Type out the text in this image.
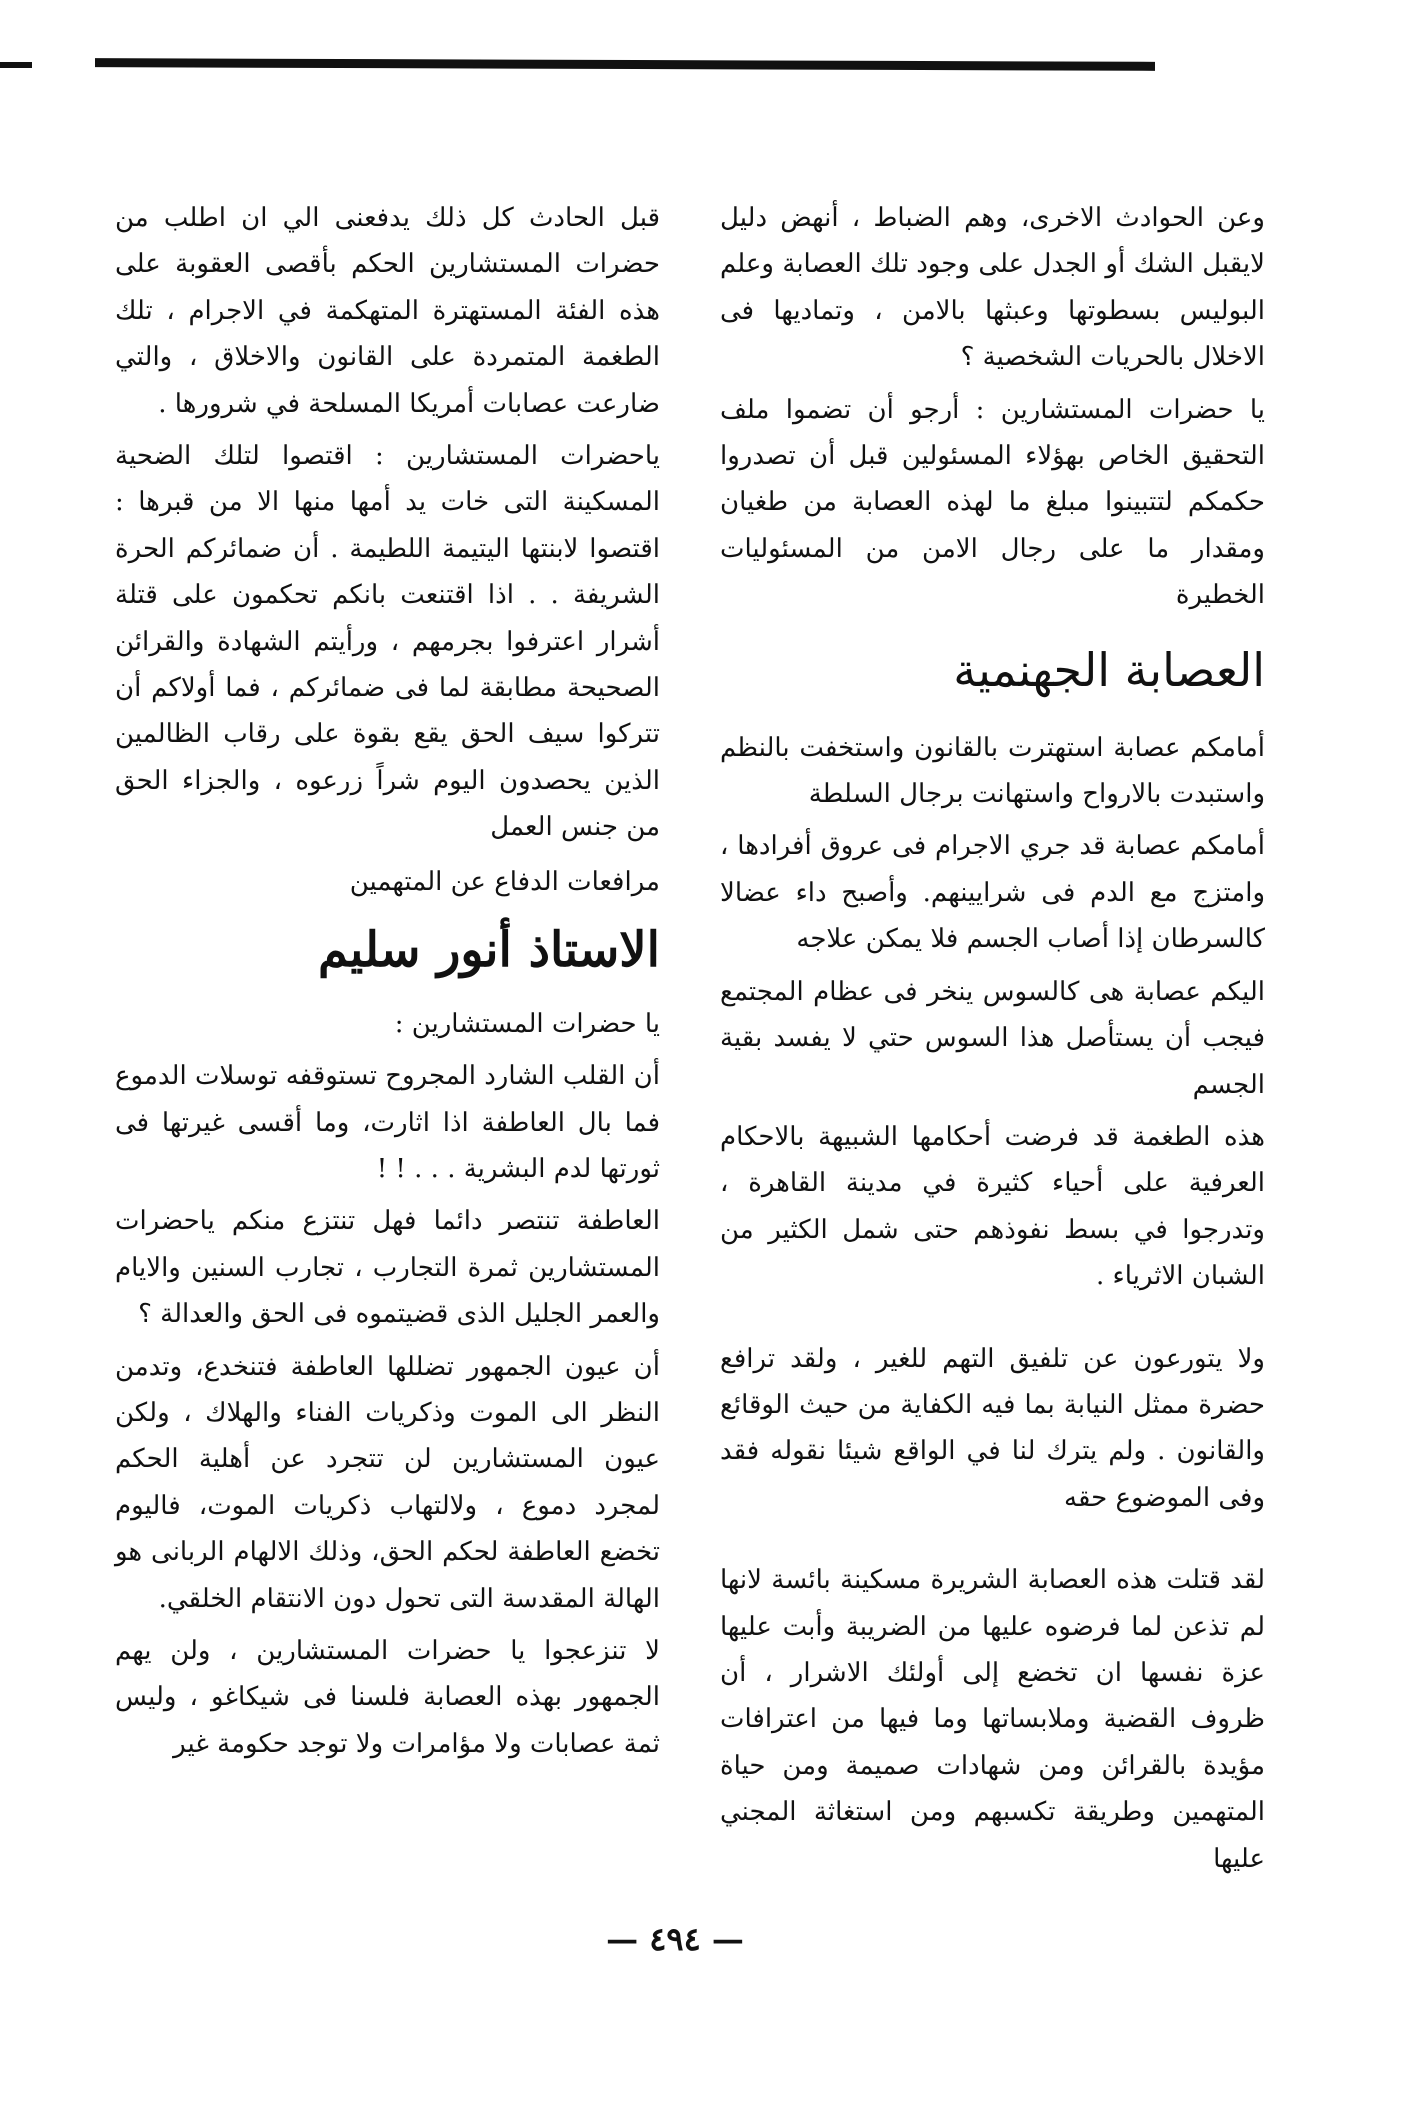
وعن الحوادث الاخرى، وهم الضباط ، أنهض دليل لايقبل الشك أو الجدل على وجود تلك العصابة وعلم البوليس بسطوتها وعبثها بالامن ، وتماديها فى الاخلال بالحريات الشخصية ؟

يا حضرات المستشارين : أرجو أن تضموا ملف التحقيق الخاص بهؤلاء المسئولين قبل أن تصدروا حكمكم لتتبينوا مبلغ ما لهذه العصابة من طغيان ومقدار ما على رجال الامن من المسئوليات الخطيرة

العصابة الجهنمية

أمامكم عصابة استهترت بالقانون واستخفت بالنظم واستبدت بالارواح واستهانت برجال السلطة

أمامكم عصابة قد جري الاجرام فى عروق أفرادها ، وامتزج مع الدم فى شرايينهم. وأصبح داء عضالا كالسرطان إذا أصاب الجسم فلا يمكن علاجه

اليكم عصابة هى كالسوس ينخر فى عظام المجتمع فيجب أن يستأصل هذا السوس حتي لا يفسد بقية الجسم

هذه الطغمة قد فرضت أحكامها الشبيهة بالاحكام العرفية على أحياء كثيرة في مدينة القاهرة ، وتدرجوا في بسط نفوذهم حتى شمل الكثير من الشبان الاثرياء .

ولا يتورعون عن تلفيق التهم للغير ، ولقد ترافع حضرة ممثل النيابة بما فيه الكفاية من حيث الوقائع والقانون . ولم يترك لنا في الواقع شيئا نقوله فقد وفى الموضوع حقه

لقد قتلت هذه العصابة الشريرة مسكينة بائسة لانها لم تذعن لما فرضوه عليها من الضريبة وأبت عليها عزة نفسها ان تخضع إلى أولئك الاشرار ، أن ظروف القضية وملابساتها وما فيها من اعترافات مؤيدة بالقرائن ومن شهادات صميمة ومن حياة المتهمين وطريقة تكسبهم ومن استغاثة المجني عليها

قبل الحادث كل ذلك يدفعنى الي ان اطلب من حضرات المستشارين الحكم بأقصى العقوبة على هذه الفئة المستهترة المتهكمة في الاجرام ، تلك الطغمة المتمردة على القانون والاخلاق ، والتي ضارعت عصابات أمريكا المسلحة في شرورها .

ياحضرات المستشارين : اقتصوا لتلك الضحية المسكينة التى خات يد أمها منها الا من قبرها : اقتصوا لابنتها اليتيمة اللطيمة . أن ضمائركم الحرة الشريفة . . اذا اقتنعت بانكم تحكمون على قتلة أشرار اعترفوا بجرمهم ، ورأيتم الشهادة والقرائن الصحيحة مطابقة لما فى ضمائركم ، فما أولاكم أن تتركوا سيف الحق يقع بقوة على رقاب الظالمين الذين يحصدون اليوم شراً زرعوه ، والجزاء الحق من جنس العمل

مرافعات الدفاع عن المتهمين

الاستاذ أنور سليم

يا حضرات المستشارين :

أن القلب الشارد المجروح تستوقفه توسلات الدموع فما بال العاطفة اذا اثارت، وما أقسى غيرتها فى ثورتها لدم البشرية . . . ! !

العاطفة تنتصر دائما فهل تنتزع منكم ياحضرات المستشارين ثمرة التجارب ، تجارب السنين والايام والعمر الجليل الذى قضيتموه فى الحق والعدالة ؟

أن عيون الجمهور تضللها العاطفة فتنخدع، وتدمن النظر الى الموت وذكريات الفناء والهلاك ، ولكن عيون المستشارين لن تتجرد عن أهلية الحكم لمجرد دموع ، ولالتهاب ذكريات الموت، فاليوم تخضع العاطفة لحكم الحق، وذلك الالهام الربانى هو الهالة المقدسة التى تحول دون الانتقام الخلقي.

لا تنزعجوا يا حضرات المستشارين ، ولن يهم الجمهور بهذه العصابة فلسنا فى شيكاغو ، وليس ثمة عصابات ولا مؤامرات ولا توجد حكومة غير

— ٤٩٤ —
